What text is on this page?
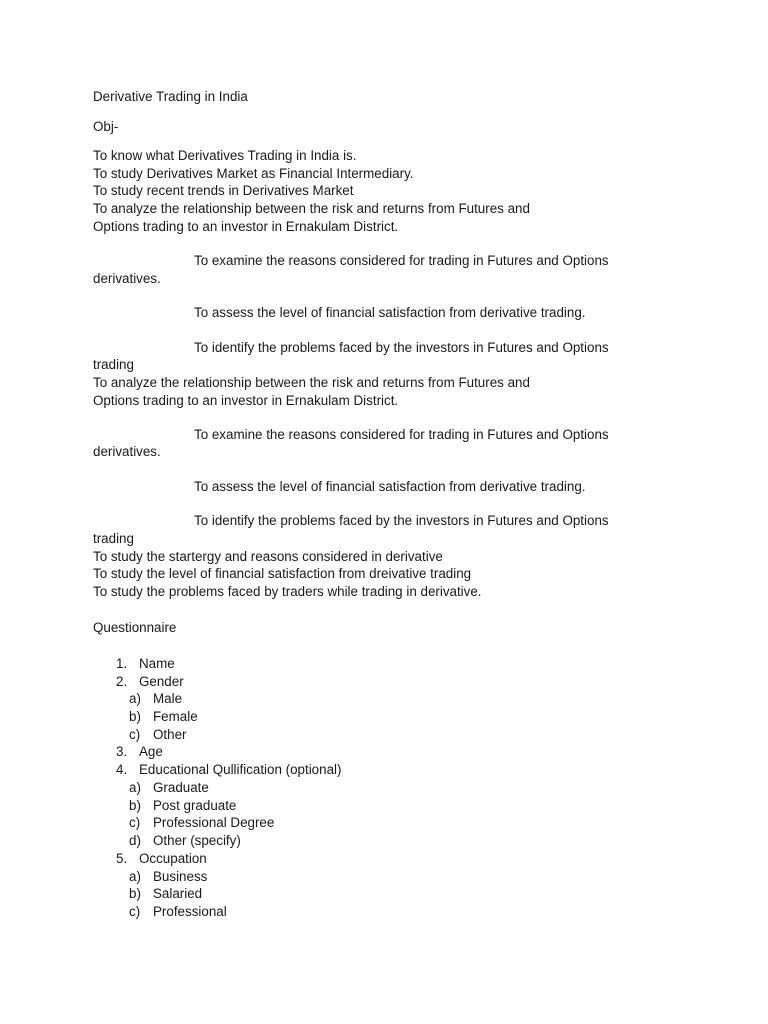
Derivative Trading in India
Obj-
To know what Derivatives Trading in India is.
To study Derivatives Market as Financial Intermediary.
To study recent trends in Derivatives Market
To analyze the relationship between the risk and returns from Futures and
Options trading to an investor in Ernakulam District.
To examine the reasons considered for trading in Futures and Options
derivatives.
To assess the level of financial satisfaction from derivative trading.
To identify the problems faced by the investors in Futures and Options
trading
To analyze the relationship between the risk and returns from Futures and
Options trading to an investor in Ernakulam District.
To examine the reasons considered for trading in Futures and Options
derivatives.
To assess the level of financial satisfaction from derivative trading.
To identify the problems faced by the investors in Futures and Options
trading
To study the startergy and reasons considered in derivative
To study the level of financial satisfaction from dreivative trading
To study the problems faced by traders while trading in derivative.
Questionnaire
1. Name
2. Gender
a) Male
b) Female
c) Other
3. Age
4. Educational Qullification (optional)
a) Graduate
b) Post graduate
c) Professional Degree
d) Other (specify)
5. Occupation
a) Business
b) Salaried
c) Professional
